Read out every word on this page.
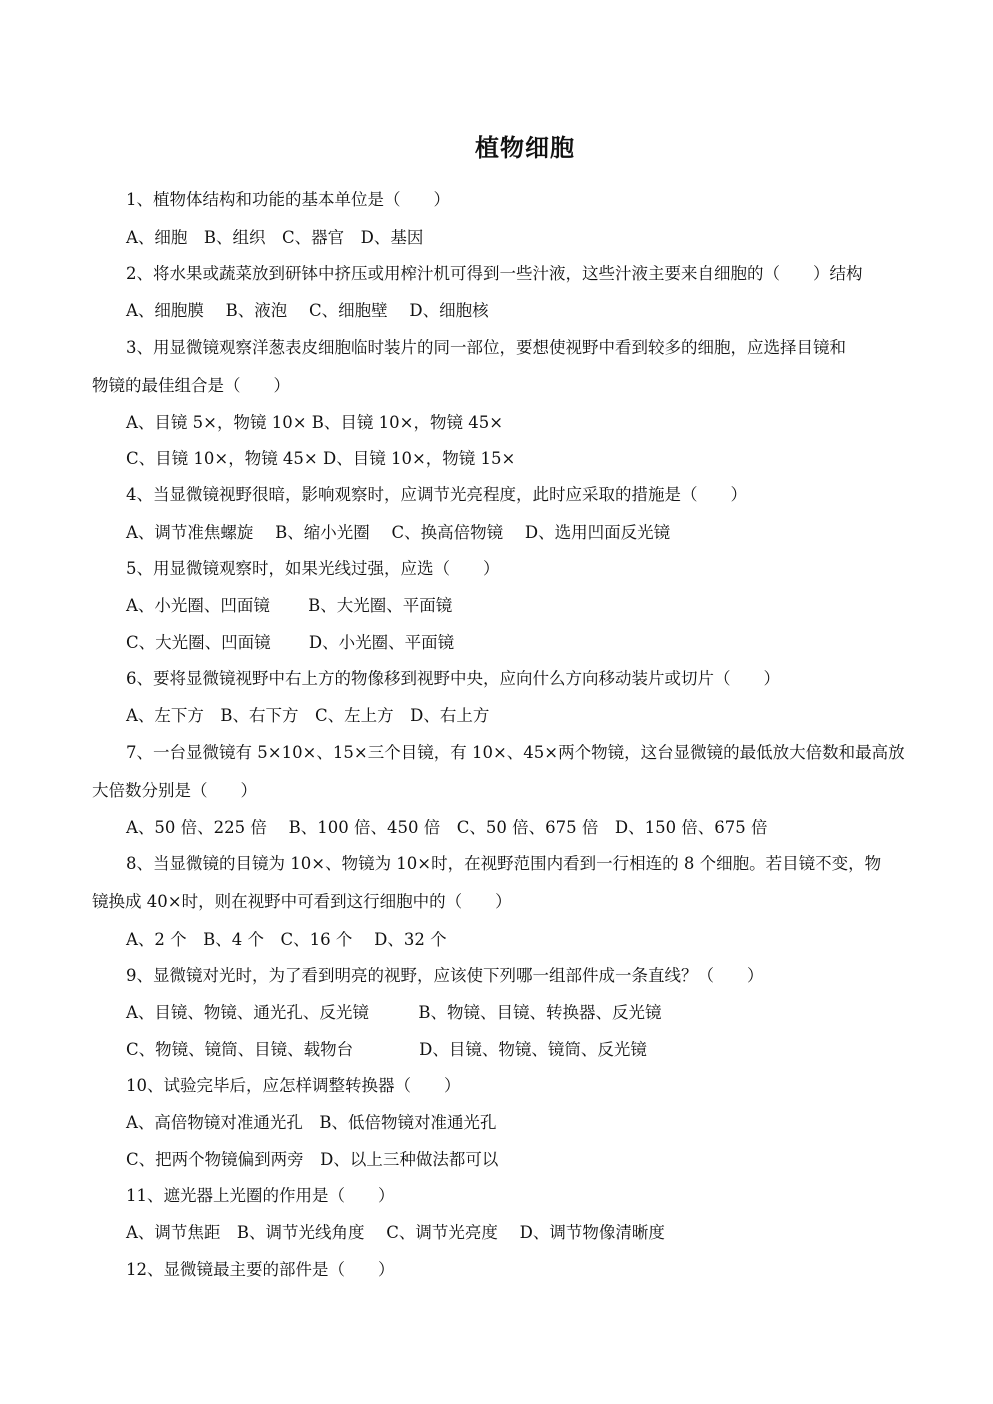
植物细胞
1、植物体结构和功能的基本单位是（　　）
A、细胞　B、组织　C、器官　D、基因
2、将水果或蔬菜放到研钵中挤压或用榨汁机可得到一些汁液，这些汁液主要来自细胞的（　　）结构
A、细胞膜　 B、液泡　 C、细胞壁　 D、细胞核
3、用显微镜观察洋葱表皮细胞临时装片的同一部位，要想使视野中看到较多的细胞，应选择目镜和
物镜的最佳组合是（　　）
A、目镜 5×，物镜 10× B、目镜 10×，物镜 45×
C、目镜 10×，物镜 45× D、目镜 10×，物镜 15×
4、当显微镜视野很暗，影响观察时，应调节光亮程度，此时应采取的措施是（　　）
A、调节准焦螺旋　 B、缩小光圈　 C、换高倍物镜　 D、选用凹面反光镜
5、用显微镜观察时，如果光线过强，应选（　　）
A、小光圈、凹面镜　　 B、大光圈、平面镜
C、大光圈、凹面镜　　 D、小光圈、平面镜
6、要将显微镜视野中右上方的物像移到视野中央，应向什么方向移动装片或切片（　　）
A、左下方　B、右下方　C、左上方　D、右上方
7、一台显微镜有 5×10×、15×三个目镜，有 10×、45×两个物镜，这台显微镜的最低放大倍数和最高放
大倍数分别是（　　）
A、50 倍、225 倍　 B、100 倍、450 倍　C、50 倍、675 倍　D、150 倍、675 倍
8、当显微镜的目镜为 10×、物镜为 10×时，在视野范围内看到一行相连的 8 个细胞。若目镜不变，物
镜换成 40×时，则在视野中可看到这行细胞中的（　　）
A、2 个　B、4 个　C、16 个　 D、32 个
9、显微镜对光时，为了看到明亮的视野，应该使下列哪一组部件成一条直线？（　　）
A、目镜、物镜、通光孔、反光镜　　　B、物镜、目镜、转换器、反光镜
C、物镜、镜筒、目镜、载物台　　　　D、目镜、物镜、镜筒、反光镜
10、试验完毕后，应怎样调整转换器（　　）
A、高倍物镜对准通光孔　B、低倍物镜对准通光孔
C、把两个物镜偏到两旁　D、以上三种做法都可以
11、遮光器上光圈的作用是（　　）
A、调节焦距　B、调节光线角度　 C、调节光亮度　 D、调节物像清晰度
12、显微镜最主要的部件是（　　）
